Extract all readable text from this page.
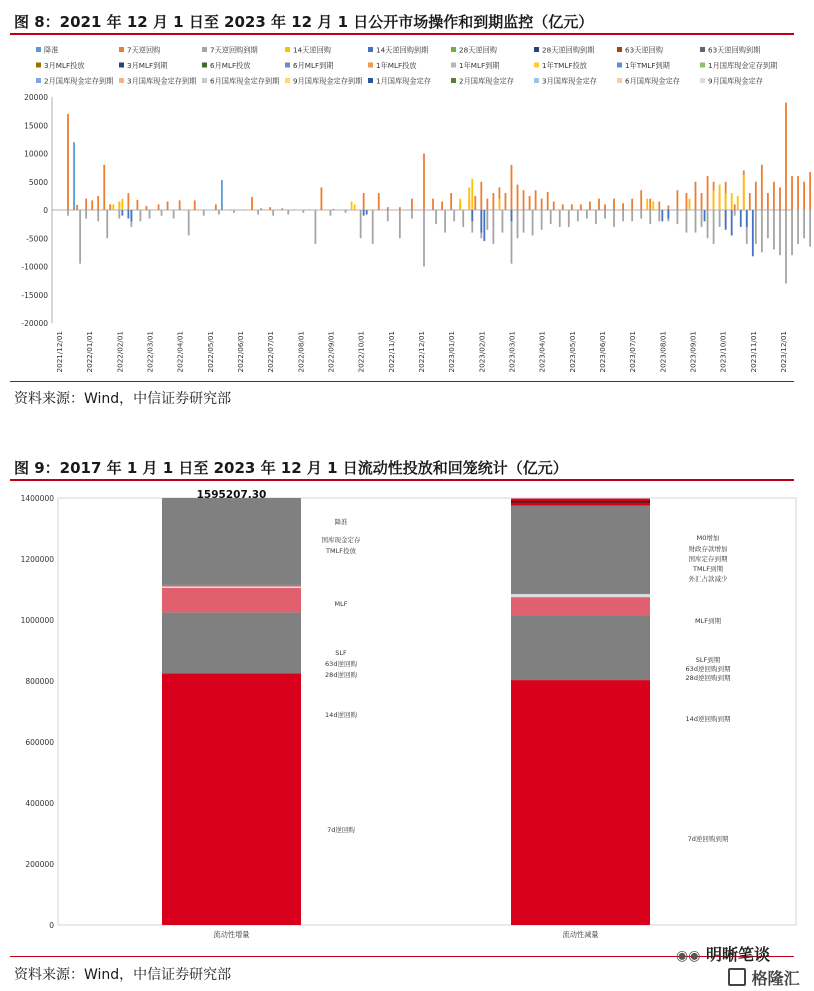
图 8：2021 年 12 月 1 日至 2023 年 12 月 1 日公开市场操作和到期监控（亿元）
降准	7天逆回购	7天逆回购到期	14天逆回购	14天逆回购到期	28天逆回购	28天逆回购到期	63天逆回购	63天逆回购到期
3月MLF投放	3月MLF到期	6月MLF投放	6月MLF到期	1年MLF投放	1年MLF到期	1年TMLF投放	1年TMLF到期	1月国库现金定存到期
2月国库现金定存到期 3月国库现金定存到期 6月国库现金定存到期 9月国库现金定存到期 1月国库现金定存	2月国库现金定存	3月国库现金定存	6月国库现金定存	9月国库现金定存
20000
15000
10000
5000
0
-5000
-10000
-15000
-20000
2021/12/01	2022/01/01	2022/02/01	2022/03/01	2022/04/01	2022/05/01	2022/06/01	2022/07/01	2022/08/01	2022/09/01	2022/10/01	2022/11/01	2022/12/01	2023/01/01	2023/02/01	2023/03/01	2023/04/01	2023/05/01	2023/06/01	2023/07/01	2023/08/01	2023/09/01	2023/10/01	2023/11/01	2023/12/01
资料来源：Wind，中信证券研究部
图 9：2017 年 1 月 1 日至 2023 年 12 月 1 日流动性投放和回笼统计（亿元）
1400000
1200000
1000000
800000
600000
400000
200000
0
流动性增量	流动性减量
1595207.30	1477237.73
降准
国库现金定存
TMLF投放
MLF
SLF
63d逆回购
28d逆回购
14d逆回购
7d逆回购
M0增加
财政存款增加
国库定存到期
TMLF到期
外汇占款减少
MLF到期
SLF到期
63d逆回购到期
28d逆回购到期
14d逆回购到期
7d逆回购到期
资料来源：Wind，中信证券研究部
◉◉ 明晰笔谈
格隆汇
